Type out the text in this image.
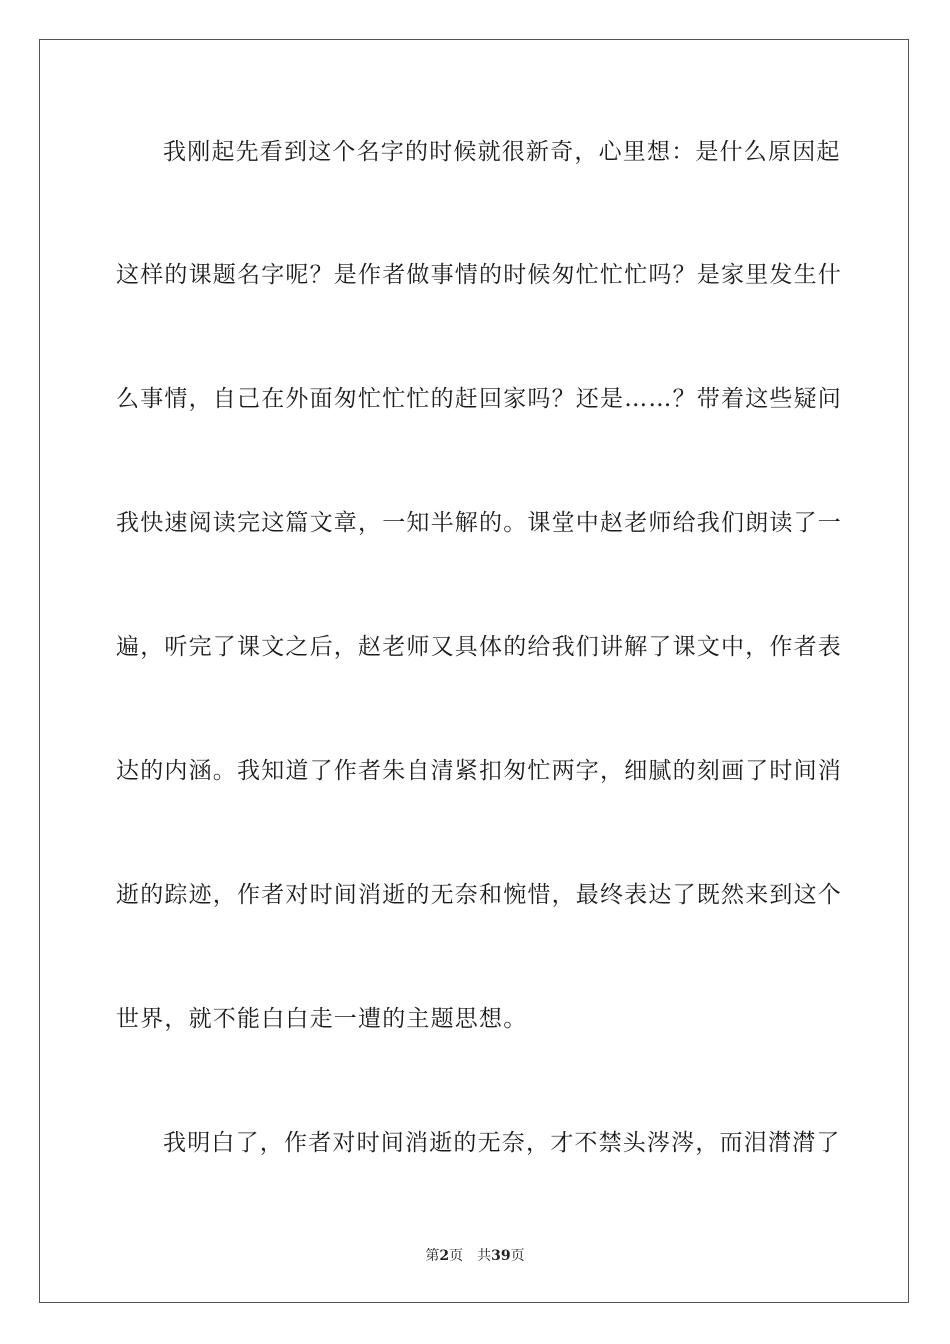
我刚起先看到这个名字的时候就很新奇，心里想：是什么原因起
这样的课题名字呢？是作者做事情的时候匆忙忙忙吗？是家里发生什
么事情，自己在外面匆忙忙忙的赶回家吗？还是……？带着这些疑问
我快速阅读完这篇文章，一知半解的。课堂中赵老师给我们朗读了一
遍，听完了课文之后，赵老师又具体的给我们讲解了课文中，作者表
达的内涵。我知道了作者朱自清紧扣匆忙两字，细腻的刻画了时间消
逝的踪迹，作者对时间消逝的无奈和惋惜，最终表达了既然来到这个
世界，就不能白白走一遭的主题思想。
我明白了，作者对时间消逝的无奈，才不禁头涔涔，而泪潸潸了
第2页 共39页
